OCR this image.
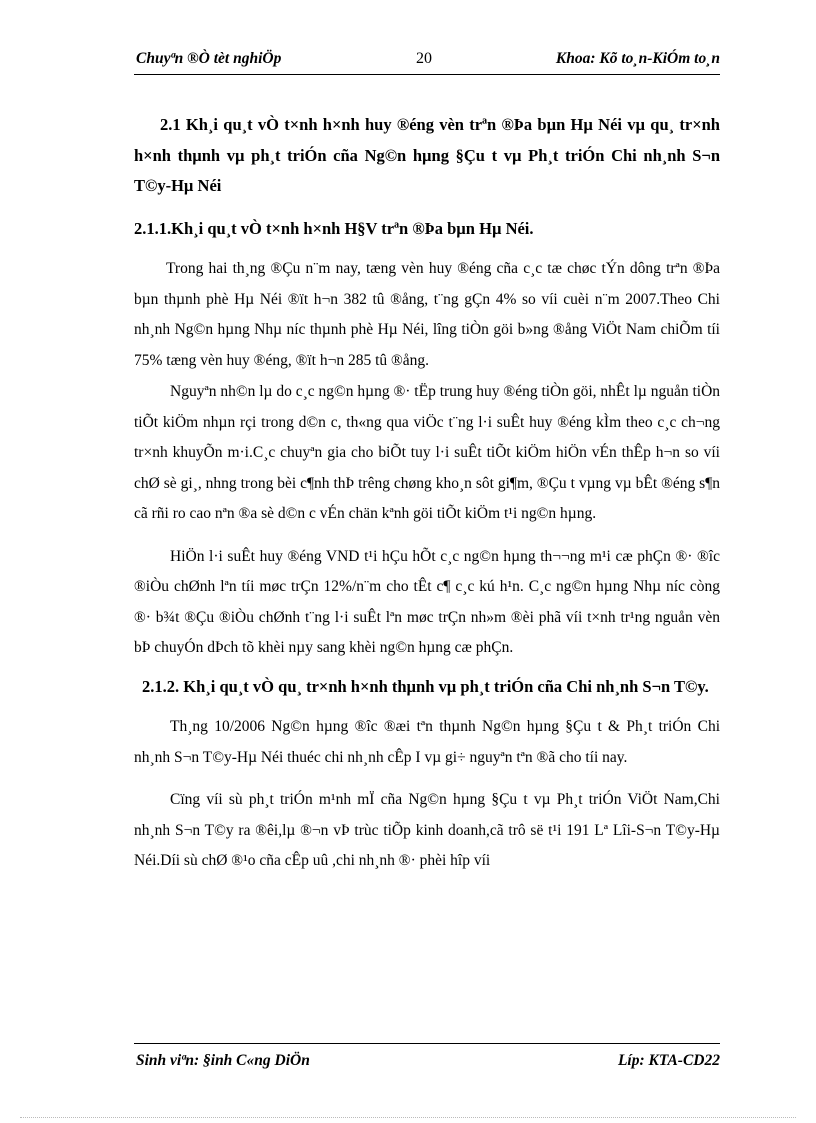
Chuyªn ®Ò tèt nghiÖp	20	Khoa: Kõ to¸n-KiÓm to¸n

2.1 Kh¸i qu¸t vÒ t×nh h×nh huy ®éng vèn trªn ®Þa bµn Hµ Néi vµ qu¸ tr×nh h×nh thµnh vµ ph¸t triÓn cña Ng©n hµng §Çu t vµ Ph¸t triÓn Chi nh¸nh S¬n T©y-Hµ Néi

2.1.1.Kh¸i qu¸t vÒ t×nh h×nh H§V trªn ®Þa bµn Hµ Néi.

Trong hai th¸ng ®Çu n¨m nay, tæng vèn huy ®éng cña c¸c tæ chøc tÝn dông trªn ®Þa bµn thµnh phè Hµ Néi ®ït h¬n 382 tû ®ång, t¨ng gÇn 4% so víi cuèi n¨m 2007.Theo Chi nh¸nh Ng©n hµng Nhµ níc thµnh phè Hµ Néi, lîng tiÒn göi b»ng ®ång ViÖt Nam chiÕm tíi 75% tæng vèn huy ®éng, ®ït h¬n 285 tû ®ång.

Nguyªn nh©n lµ do c¸c ng©n hµng ®· tËp trung huy ®éng tiÒn göi, nhÊt lµ nguån tiÒn tiÕt kiÖm nhµn rçi trong d©n c, th«ng qua viÖc t¨ng l·i suÊt huy ®éng kÌm theo c¸c ch¬ng tr×nh khuyÕn m·i.C¸c chuyªn gia cho biÕt tuy l·i suÊt tiÕt kiÖm hiÖn vÉn thÊp h¬n so víi chØ sè gi¸, nhng trong bèi c¶nh thÞ trêng chøng kho¸n sôt gi¶m, ®Çu t vµng vµ bÊt ®éng s¶n cã rñi ro cao nªn ®a sè d©n c vÉn chän kªnh göi tiÕt kiÖm t¹i ng©n hµng.

HiÖn l·i suÊt huy ®éng VND t¹i hÇu hÕt c¸c ng©n hµng th¬¬ng m¹i cæ phÇn ®· ®îc ®iÒu chØnh lªn tíi møc trÇn 12%/n¨m cho tÊt c¶ c¸c kú h¹n. C¸c ng©n hµng Nhµ níc còng ®· b¾t ®Çu ®iÒu chØnh t¨ng l·i suÊt lªn møc trÇn nh»m ®èi phã víi t×nh tr¹ng nguån vèn bÞ chuyÓn dÞch tõ khèi nµy sang khèi ng©n hµng cæ phÇn.

2.1.2. Kh¸i qu¸t vÒ qu¸ tr×nh h×nh thµnh vµ ph¸t triÓn cña Chi nh¸nh S¬n T©y.

Th¸ng 10/2006 Ng©n hµng ®îc ®æi tªn thµnh Ng©n hµng §Çu t & Ph¸t triÓn Chi nh¸nh S¬n T©y-Hµ Néi thuéc chi nh¸nh cÊp I vµ gi÷ nguyªn tªn ®ã cho tíi nay.

Cïng víi sù ph¸t triÓn m¹nh mÏ cña Ng©n hµng §Çu t vµ Ph¸t triÓn ViÖt Nam,Chi nh¸nh S¬n T©y ra ®êi,lµ ®¬n vÞ trùc tiÕp kinh doanh,cã trô së t¹i 191 Lª Lîi-S¬n T©y-Hµ Néi.Díi sù chØ ®¹o cña cÊp uû ,chi nh¸nh ®· phèi hîp víi

Sinh viªn: §inh C«ng DiÖn	Líp: KTA-CD22
